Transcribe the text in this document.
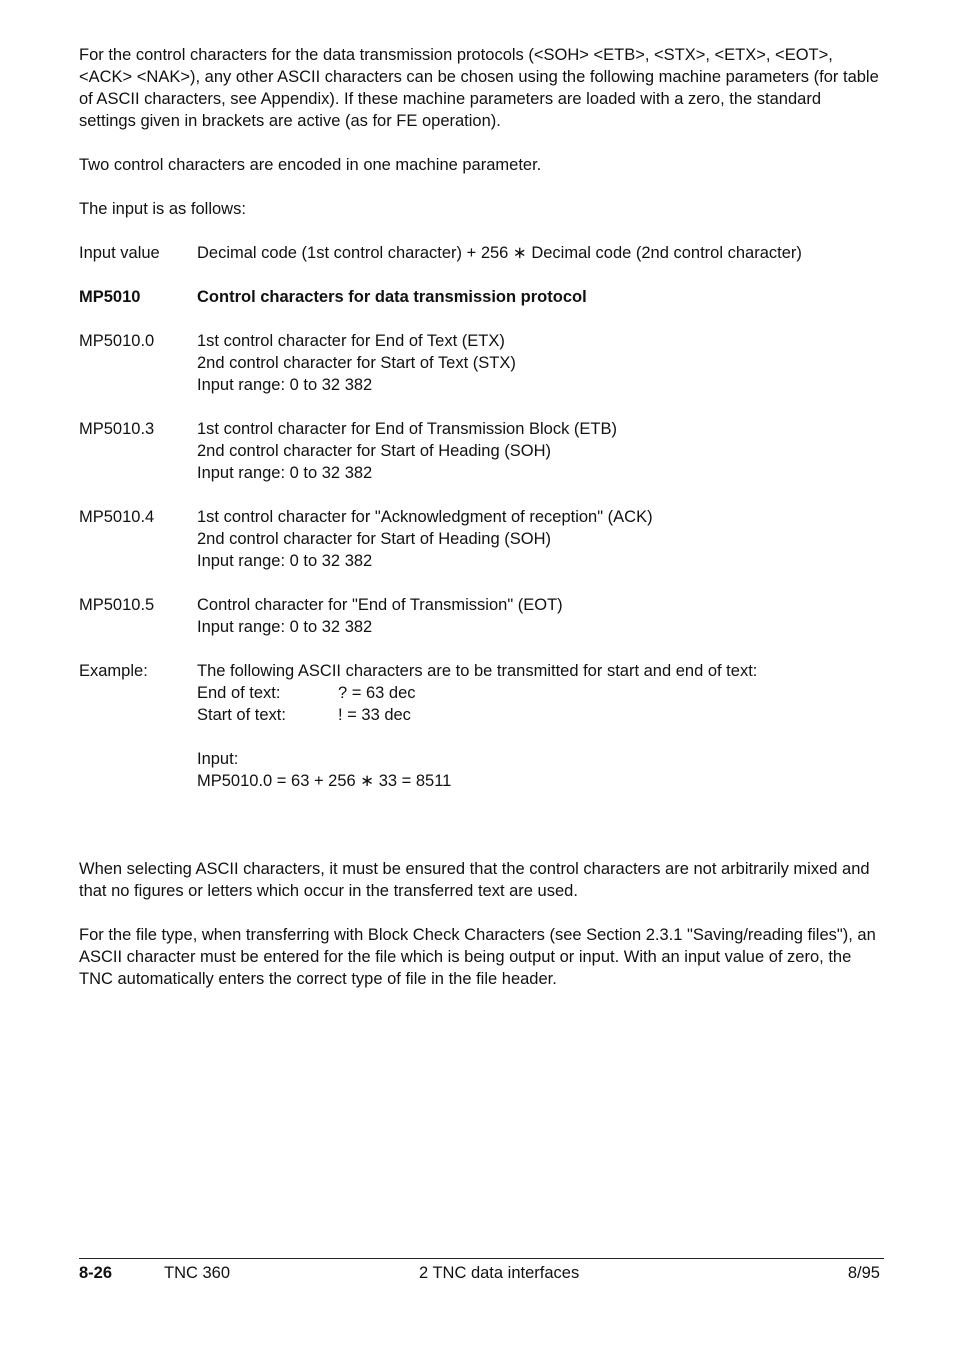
For the control characters for the data transmission protocols (<SOH> <ETB>, <STX>, <ETX>, <EOT>, <ACK> <NAK>), any other ASCII characters can be chosen using the following machine parameters (for table of ASCII characters, see Appendix). If these machine parameters are loaded with a zero, the standard settings given in brackets are active (as for FE operation).

Two control characters are encoded in one machine parameter.

The input is as follows:

Input value	Decimal code (1st control character) + 256 ∗ Decimal code (2nd control character)
MP5010	Control characters for data transmission protocol
MP5010.0	1st control character for End of Text (ETX)
2nd control character for Start of Text (STX)
Input range: 0 to 32 382
MP5010.3	1st control character for End of Transmission Block (ETB)
2nd control character for Start of Heading (SOH)
Input range: 0 to 32 382
MP5010.4	1st control character for "Acknowledgment of reception" (ACK)
2nd control character for Start of Heading (SOH)
Input range: 0 to 32 382
MP5010.5	Control character for "End of Transmission" (EOT)
Input range: 0 to 32 382
Example:	The following ASCII characters are to be transmitted for start and end of text:
End of text:	? = 63 dec
Start of text:	! = 33 dec
Input:
MP5010.0 = 63 + 256 ∗ 33 = 8511

When selecting ASCII characters, it must be ensured that the control characters are not arbitrarily mixed and that no figures or letters which occur in the transferred text are used.

For the file type, when transferring with Block Check Characters (see Section 2.3.1 "Saving/reading files"), an ASCII character must be entered for the file which is being output or input. With an input value of zero, the TNC automatically enters the correct type of file in the file header.

8-26	TNC 360	2 TNC data interfaces	8/95
